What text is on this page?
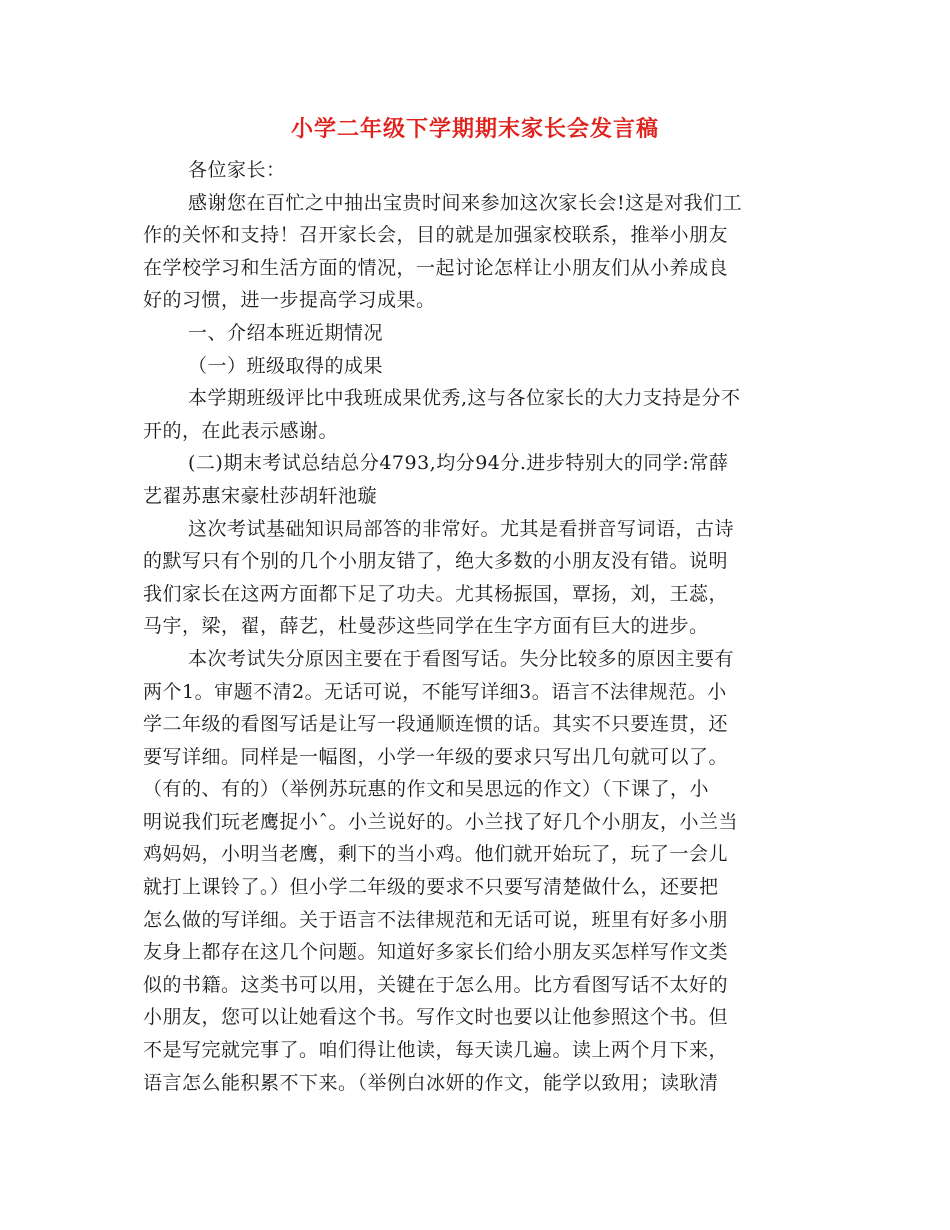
小学二年级下学期期末家长会发言稿
各位家长：
感谢您在百忙之中抽出宝贵时间来参加这次家长会!这是对我们工
作的关怀和支持！召开家长会，目的就是加强家校联系，推举小朋友
在学校学习和生活方面的情况，一起讨论怎样让小朋友们从小养成良
好的习惯，进一步提高学习成果。
一、介绍本班近期情况
（一）班级取得的成果
本学期班级评比中我班成果优秀,这与各位家长的大力支持是分不
开的，在此表示感谢。
(二)期末考试总结总分4793,均分94分.进步特别大的同学:常薛
艺翟苏惠宋豪杜莎胡轩池璇
这次考试基础知识局部答的非常好。尤其是看拼音写词语，古诗
的默写只有个别的几个小朋友错了，绝大多数的小朋友没有错。说明
我们家长在这两方面都下足了功夫。尤其杨振国，覃扬，刘，王蕊，
马宇，梁，翟，薛艺，杜曼莎这些同学在生字方面有巨大的进步。
本次考试失分原因主要在于看图写话。失分比较多的原因主要有
两个1。审题不清2。无话可说，不能写详细3。语言不法律规范。小
学二年级的看图写话是让写一段通顺连惯的话。其实不只要连贯，还
要写详细。同样是一幅图，小学一年级的要求只写出几句就可以了。
（有的、有的）（举例苏玩惠的作文和吴思远的作文）（下课了，小
明说我们玩老鹰捉小ˆ。小兰说好的。小兰找了好几个小朋友，小兰当
鸡妈妈，小明当老鹰，剩下的当小鸡。他们就开始玩了，玩了一会儿
就打上课铃了。）但小学二年级的要求不只要写清楚做什么，还要把
怎么做的写详细。关于语言不法律规范和无话可说，班里有好多小朋
友身上都存在这几个问题。知道好多家长们给小朋友买怎样写作文类
似的书籍。这类书可以用，关键在于怎么用。比方看图写话不太好的
小朋友，您可以让她看这个书。写作文时也要以让他参照这个书。但
不是写完就完事了。咱们得让他读，每天读几遍。读上两个月下来，
语言怎么能积累不下来。（举例白冰妍的作文，能学以致用；读耿清
